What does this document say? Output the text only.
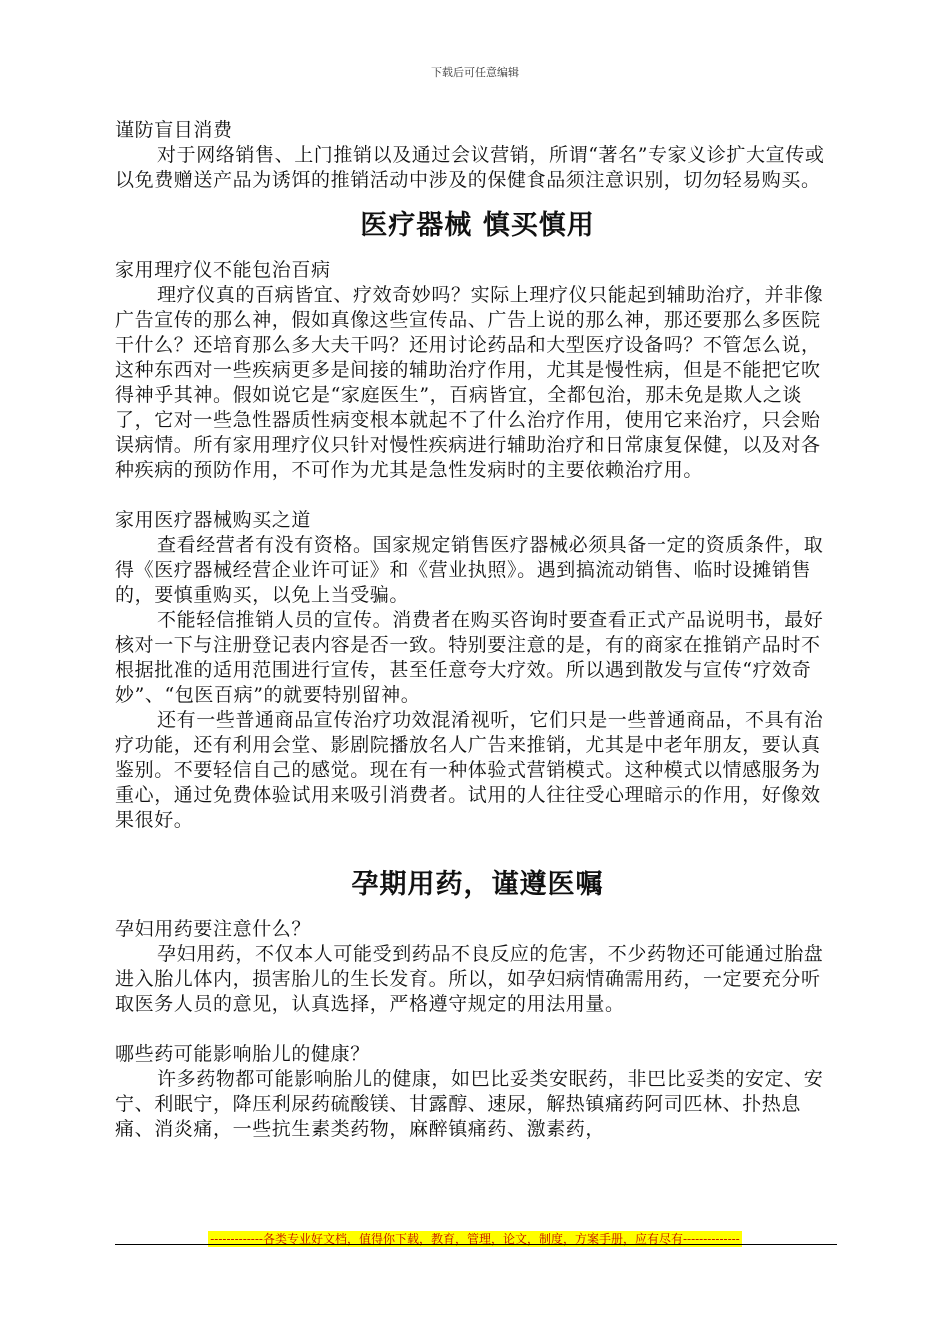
下载后可任意编辑

谨防盲目消费

对于网络销售、上门推销以及通过会议营销，所谓“著名”专家义诊扩大宣传或以免费赠送产品为诱饵的推销活动中涉及的保健食品须注意识别，切勿轻易购买。

医疗器械 慎买慎用

家用理疗仪不能包治百病

理疗仪真的百病皆宜、疗效奇妙吗？实际上理疗仪只能起到辅助治疗，并非像广告宣传的那么神，假如真像这些宣传品、广告上说的那么神，那还要那么多医院干什么？还培育那么多大夫干吗？还用讨论药品和大型医疗设备吗？不管怎么说，这种东西对一些疾病更多是间接的辅助治疗作用，尤其是慢性病，但是不能把它吹得神乎其神。假如说它是“家庭医生”，百病皆宜，全都包治，那未免是欺人之谈了，它对一些急性器质性病变根本就起不了什么治疗作用，使用它来治疗，只会贻误病情。所有家用理疗仪只针对慢性疾病进行辅助治疗和日常康复保健，以及对各种疾病的预防作用，不可作为尤其是急性发病时的主要依赖治疗用。

家用医疗器械购买之道

查看经营者有没有资格。国家规定销售医疗器械必须具备一定的资质条件，取得《医疗器械经营企业许可证》和《营业执照》。遇到搞流动销售、临时设摊销售的，要慎重购买，以免上当受骗。

不能轻信推销人员的宣传。消费者在购买咨询时要查看正式产品说明书，最好核对一下与注册登记表内容是否一致。特别要注意的是，有的商家在推销产品时不根据批准的适用范围进行宣传，甚至任意夸大疗效。所以遇到散发与宣传“疗效奇妙”、“包医百病”的就要特别留神。

还有一些普通商品宣传治疗功效混淆视听，它们只是一些普通商品，不具有治疗功能，还有利用会堂、影剧院播放名人广告来推销，尤其是中老年朋友，要认真鉴别。不要轻信自己的感觉。现在有一种体验式营销模式。这种模式以情感服务为重心，通过免费体验试用来吸引消费者。试用的人往往受心理暗示的作用，好像效果很好。

孕期用药，谨遵医嘱

孕妇用药要注意什么？

孕妇用药，不仅本人可能受到药品不良反应的危害，不少药物还可能通过胎盘进入胎儿体内，损害胎儿的生长发育。所以，如孕妇病情确需用药，一定要充分听取医务人员的意见，认真选择，严格遵守规定的用法用量。

哪些药可能影响胎儿的健康？

许多药物都可能影响胎儿的健康，如巴比妥类安眠药，非巴比妥类的安定、安宁、利眠宁，降压利尿药硫酸镁、甘露醇、速尿，解热镇痛药阿司匹林、扑热息痛、消炎痛，一些抗生素类药物，麻醉镇痛药、激素药，

-------------各类专业好文档，值得你下载，教育，管理，论文，制度，方案手册，应有尽有--------------
